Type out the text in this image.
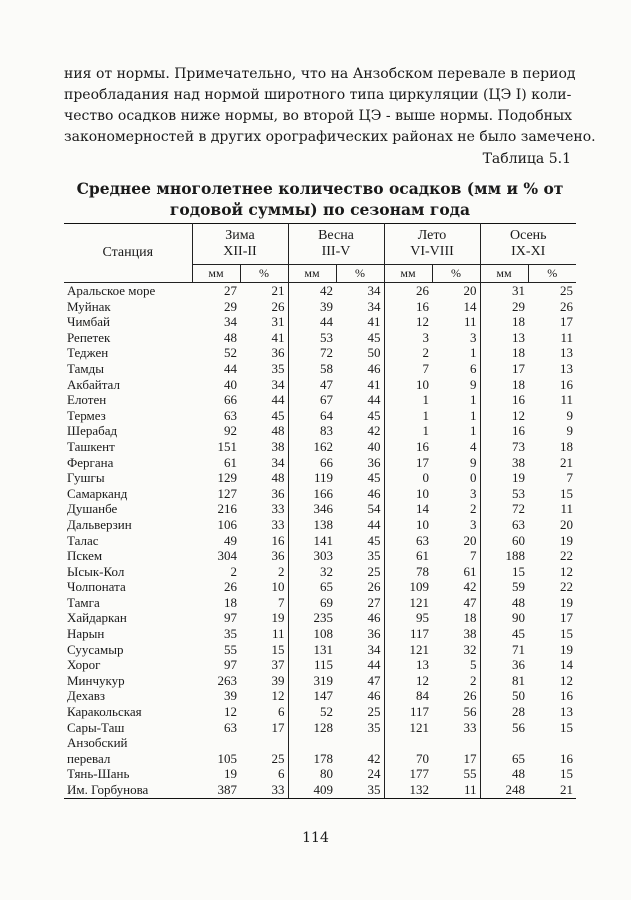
ния от нормы. Примечательно, что на Анзобском перевале в период
преобладания над нормой широтного типа циркуляции (ЦЭ I) коли-
чество осадков ниже нормы, во второй ЦЭ - выше нормы. Подобных
закономерностей в других орографических районах не было замечено.

Таблица 5.1

Среднее многолетнее количество осадков (мм и % от
годовой суммы) по сезонам года
Станция	Зима
XII-II		Весна
III-V		Лето
VI-VIII		Осень
IX-XI	

	мм	%	мм	%	мм	%	мм	%
Аральское море	27	21	42	34	26	20	31	25
Муйнак	29	26	39	34	16	14	29	26
Чимбай	34	31	44	41	12	11	18	17
Репетек	48	41	53	45	3	3	13	11
Теджен	52	36	72	50	2	1	18	13
Тамды	44	35	58	46	7	6	17	13
Акбайтал	40	34	47	41	10	9	18	16
Елотен	66	44	67	44	1	1	16	11
Термез	63	45	64	45	1	1	12	9
Шерабад	92	48	83	42	1	1	16	9
Ташкент	151	38	162	40	16	4	73	18
Фергана	61	34	66	36	17	9	38	21
Гушгы	129	48	119	45	0	0	19	7
Самарканд	127	36	166	46	10	3	53	15
Душанбе	216	33	346	54	14	2	72	11
Дальверзин	106	33	138	44	10	3	63	20
Талас	49	16	141	45	63	20	60	19
Пскем	304	36	303	35	61	7	188	22
Ысык-Кол	2	2	32	25	78	61	15	12
Чолпоната	26	10	65	26	109	42	59	22
Тамга	18	7	69	27	121	47	48	19
Хайдаркан	97	19	235	46	95	18	90	17
Нарын	35	11	108	36	117	38	45	15
Суусамыр	55	15	131	34	121	32	71	19
Хорог	97	37	115	44	13	5	36	14
Минчукур	263	39	319	47	12	2	81	12
Дехавз	39	12	147	46	84	26	50	16
Каракольская	12	6	52	25	117	56	28	13
Сары-Таш	63	17	128	35	121	33	56	15
Анзобский
перевал	105	25	178	42	70	17	65	16
Тянь-Шань	19	6	80	24	177	55	48	15
Им. Горбунова	387	33	409	35	132	11	248	21

114
